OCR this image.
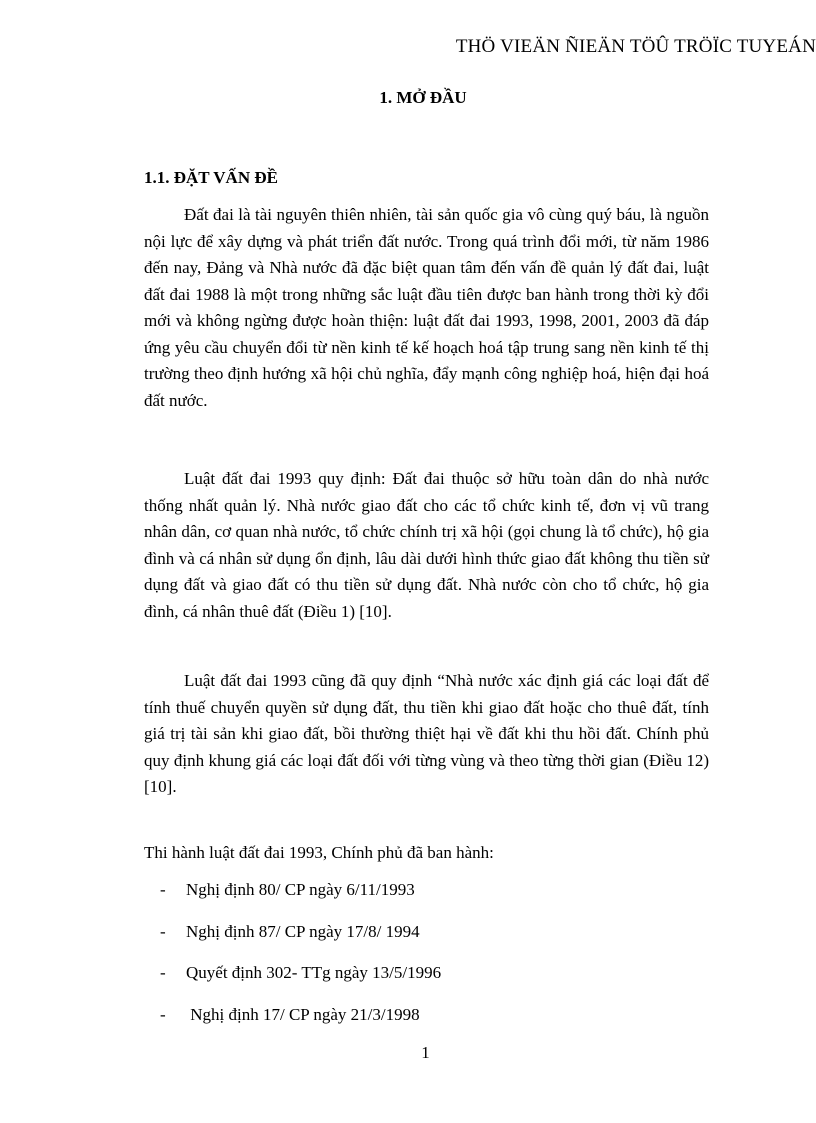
THÖ VIEÄN ÑIEÄN TÖÛ TRÖÏC TUYEÁN
1. MỞ ĐẦU
1.1. ĐẶT VẤN ĐỀ

Đất đai là tài nguyên thiên nhiên, tài sản quốc gia vô cùng quý báu, là nguồn nội lực để xây dựng và phát triển đất nước. Trong quá trình đổi mới, từ năm 1986 đến nay, Đảng và Nhà nước đã đặc biệt quan tâm đến vấn đề quản lý đất đai, luật đất đai 1988 là một trong những sắc luật đầu tiên được ban hành trong thời kỳ đổi mới và không ngừng được hoàn thiện: luật đất đai 1993, 1998, 2001, 2003 đã đáp ứng yêu cầu chuyển đổi từ nền kinh tế kế hoạch hoá tập trung sang nền kinh tế thị trường theo định hướng xã hội chủ nghĩa, đẩy mạnh công nghiệp hoá, hiện đại hoá đất nước.

Luật đất đai 1993 quy định: Đất đai thuộc sở hữu toàn dân do nhà nước thống nhất quản lý. Nhà nước giao đất cho các tổ chức kinh tế, đơn vị vũ trang nhân dân, cơ quan nhà nước, tổ chức chính trị xã hội (gọi chung là tổ chức), hộ gia đình và cá nhân sử dụng ổn định, lâu dài dưới hình thức giao đất không thu tiền sử dụng đất và giao đất có thu tiền sử dụng đất. Nhà nước còn cho tổ chức, hộ gia đình, cá nhân thuê đất (Điều 1) [10].

Luật đất đai 1993 cũng đã quy định “Nhà nước xác định giá các loại đất để tính thuế chuyển quyền sử dụng đất, thu tiền khi giao đất hoặc cho thuê đất, tính giá trị tài sản khi giao đất, bồi thường thiệt hại về đất khi thu hồi đất. Chính phủ quy định khung giá các loại đất đối với từng vùng và theo từng thời gian (Điều 12) [10].

Thi hành luật đất đai 1993, Chính phủ đã ban hành:

- Nghị định 80/ CP ngày 6/11/1993
- Nghị định 87/ CP ngày 17/8/ 1994
- Quyết định 302- TTg ngày 13/5/1996
- Nghị định 17/ CP ngày 21/3/1998
1
